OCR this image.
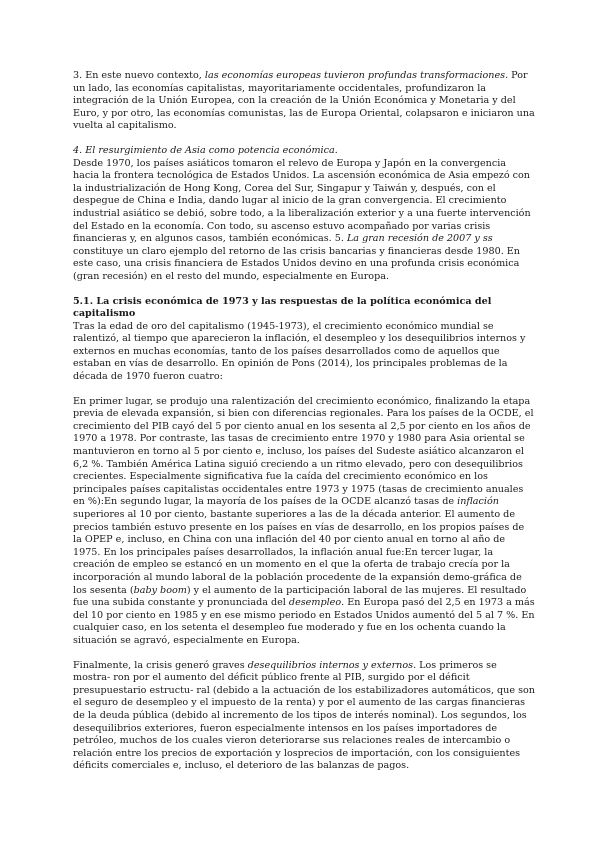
3. En este nuevo contexto, las economías europeas tuvieron profundas transformaciones. Por un lado, las economías capitalistas, mayoritariamente occidentales, profundizaron la integración de la Unión Europea, con la creación de la Unión Económica y Monetaria y del Euro, y por otro, las economías comunistas, las de Europa Oriental, colapsaron e iniciaron una vuelta al capitalismo.

4. El resurgimiento de Asia como potencia económica.
Desde 1970, los países asiáticos tomaron el relevo de Europa y Japón en la convergencia hacia la frontera tecnológica de Estados Unidos. La ascensión económica de Asia empezó con la industrialización de Hong Kong, Corea del Sur, Singapur y Taiwán y, después, con el despegue de China e India, dando lugar al inicio de la gran convergencia. El crecimiento industrial asiático se debió, sobre todo, a la liberalización exterior y a una fuerte intervención del Estado en la economía. Con todo, su ascenso estuvo acompañado por varias crisis financieras y, en algunos casos, también económicas. 5. La gran recesión de 2007 y ss constituye un claro ejemplo del retorno de las crisis bancarias y financieras desde 1980. En este caso, una crisis financiera de Estados Unidos devino en una profunda crisis económica (gran recesión) en el resto del mundo, especialmente en Europa.

5.1. La crisis económica de 1973 y las respuestas de la política económica del capitalismo

Tras la edad de oro del capitalismo (1945-1973), el crecimiento económico mundial se ralentizó, al tiempo que aparecieron la inflación, el desempleo y los desequilibrios internos y externos en muchas economías, tanto de los países desarrollados como de aquellos que estaban en vías de desarrollo. En opinión de Pons (2014), los principales problemas de la década de 1970 fueron cuatro:

En primer lugar, se produjo una ralentización del crecimiento económico, finalizando la etapa previa de elevada expansión, si bien con diferencias regionales. Para los países de la OCDE, el crecimiento del PIB cayó del 5 por ciento anual en los sesenta al 2,5 por ciento en los años de 1970 a 1978. Por contraste, las tasas de crecimiento entre 1970 y 1980 para Asia oriental se mantuvieron en torno al 5 por ciento e, incluso, los países del Sudeste asiático alcanzaron el 6,2 %. También América Latina siguió creciendo a un ritmo elevado, pero con desequilibrios crecientes. Especialmente significativa fue la caída del crecimiento económico en los principales países capitalistas occidentales entre 1973 y 1975 (tasas de crecimiento anuales en %):En segundo lugar, la mayoría de los países de la OCDE alcanzó tasas de inflación superiores al 10 por ciento, bastante superiores a las de la década anterior. El aumento de precios también estuvo presente en los países en vías de desarrollo, en los propios países de la OPEP e, incluso, en China con una inflación del 40 por ciento anual en torno al año de 1975. En los principales países desarrollados, la inflación anual fue:En tercer lugar, la creación de empleo se estancó en un momento en el que la oferta de trabajo crecía por la incorporación al mundo laboral de la población procedente de la expansión demo-gráfica de los sesenta (baby boom) y el aumento de la participación laboral de las mujeres. El resultado fue una subida constante y pronunciada del desempleo. En Europa pasó del 2,5 en 1973 a más del 10 por ciento en 1985 y en ese mismo periodo en Estados Unidos aumentó del 5 al 7 %. En cualquier caso, en los setenta el desempleo fue moderado y fue en los ochenta cuando la situación se agravó, especialmente en Europa.

Finalmente, la crisis generó graves desequilibrios internos y externos. Los primeros se mostra- ron por el aumento del déficit público frente al PIB, surgido por el déficit presupuestario estructu- ral (debido a la actuación de los estabilizadores automáticos, que son el seguro de desempleo y el impuesto de la renta) y por el aumento de las cargas financieras de la deuda pública (debido al incremento de los tipos de interés nominal). Los segundos, los desequilibrios exteriores, fueron especialmente intensos en los países importadores de petróleo, muchos de los cuales vieron deteriorarse sus relaciones reales de intercambio o relación entre los precios de exportación y losprecios de importación, con los consiguientes déficits comerciales e, incluso, el deterioro de las balanzas de pagos.
